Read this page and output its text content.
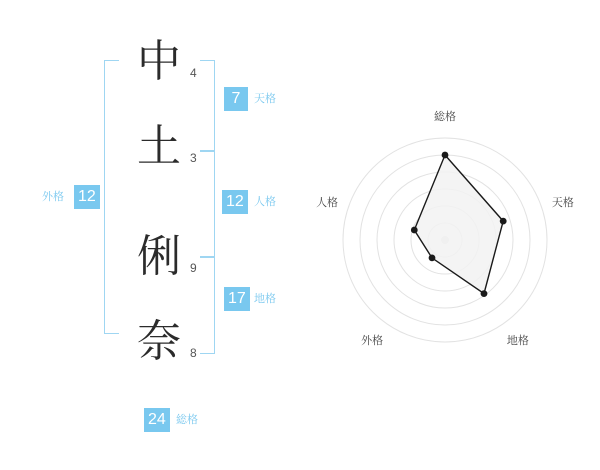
中 4
土 3
俐 9
奈 8
7	天格
12 人格
17 地格
外格 12
24 総格
総格
天格
地格
外格
人格
